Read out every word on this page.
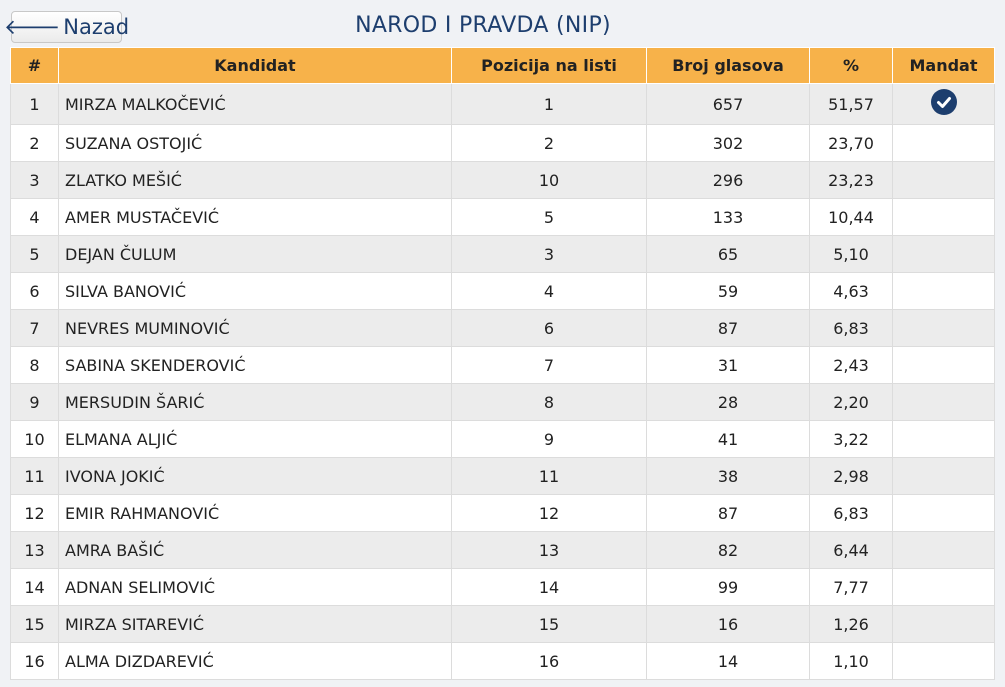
🡐 Nazad	NAROD I PRAVDA (NIP)
#	Kandidat	Pozicija na listi	Broj glasova	%	Mandat
1	MIRZA MALKOČEVIĆ	1	657	51,57	

2	SUZANA OSTOJIĆ	2	302	23,70	
3	ZLATKO MEŠIĆ	10	296	23,23	
4	AMER MUSTAČEVIĆ	5	133	10,44	
5	DEJAN ČULUM	3	65	5,10	
6	SILVA BANOVIĆ	4	59	4,63	
7	NEVRES MUMINOVIĆ	6	87	6,83	
8	SABINA SKENDEROVIĆ	7	31	2,43	
9	MERSUDIN ŠARIĆ	8	28	2,20	
10	ELMANA ALJIĆ	9	41	3,22	
11	IVONA JOKIĆ	11	38	2,98	
12	EMIR RAHMANOVIĆ	12	87	6,83	
13	AMRA BAŠIĆ	13	82	6,44	
14	ADNAN SELIMOVIĆ	14	99	7,77	
15	MIRZA SITAREVIĆ	15	16	1,26	
16	ALMA DIZDAREVIĆ	16	14	1,10	
